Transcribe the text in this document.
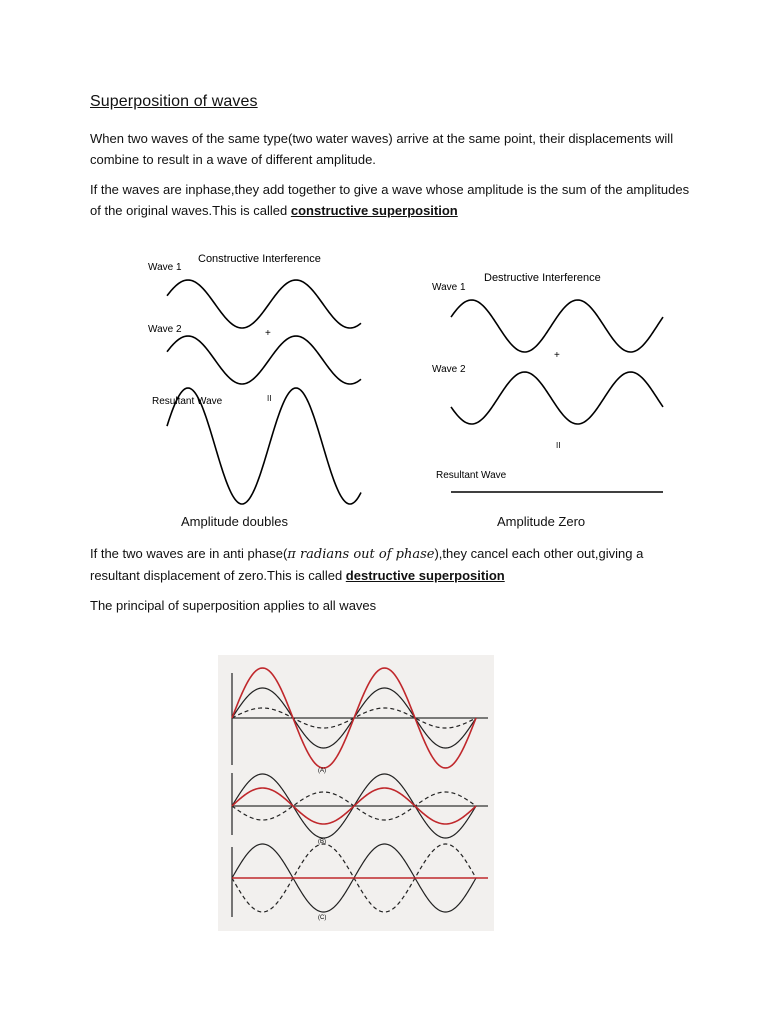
Superposition of waves
When two waves of the same type(two water waves) arrive at the same point, their displacements will combine to result in a wave of different amplitude.
If the waves are inphase,they add together to give a wave whose amplitude is the sum of the amplitudes of the original waves.This is called constructive superposition
Constructive Interference
Wave 1
Wave 2	+
Resultant Wave	II
Destructive Interference
Wave 1
+
Wave 2
II
Resultant Wave
Amplitude doubles	Amplitude Zero
If the two waves are in anti phase(π radians out of phase),they cancel each other out,giving a resultant displacement of zero.This is called destructive superposition
The principal of superposition applies to all waves
(A)
(B)
(C)
